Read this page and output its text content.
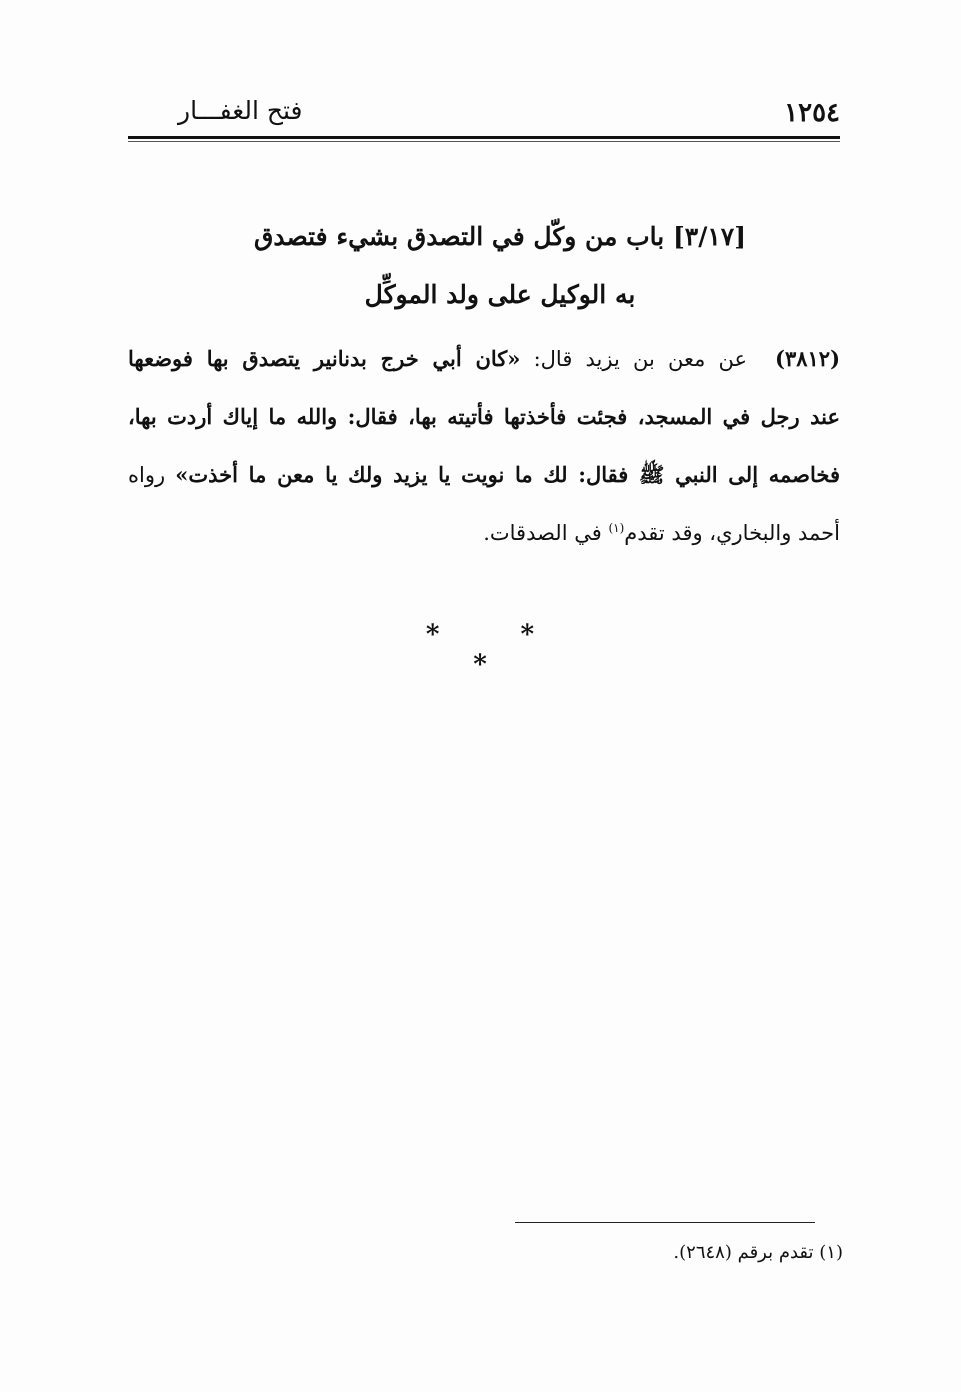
١٢٥٤
فتح الغفـــار
[٣/١٧] باب من وكّل في التصدق بشيء فتصدق
به الوكيل على ولد الموكِّل
(٣٨١٢)عن معن بن يزيد قال: «كان أبي خرج بدنانير يتصدق بها فوضعها
عند رجل في المسجد، فجئت فأخذتها فأتيته بها، فقال: والله ما إياك أردت بها،
فخاصمه إلى النبي ﷺ فقال: لك ما نويت يا يزيد ولك يا معن ما أخذت» رواه
أحمد والبخاري، وقد تقدم$^{(١)}$ في الصدقات.
* * *
(١) تقدم برقم (٢٦٤٨).
